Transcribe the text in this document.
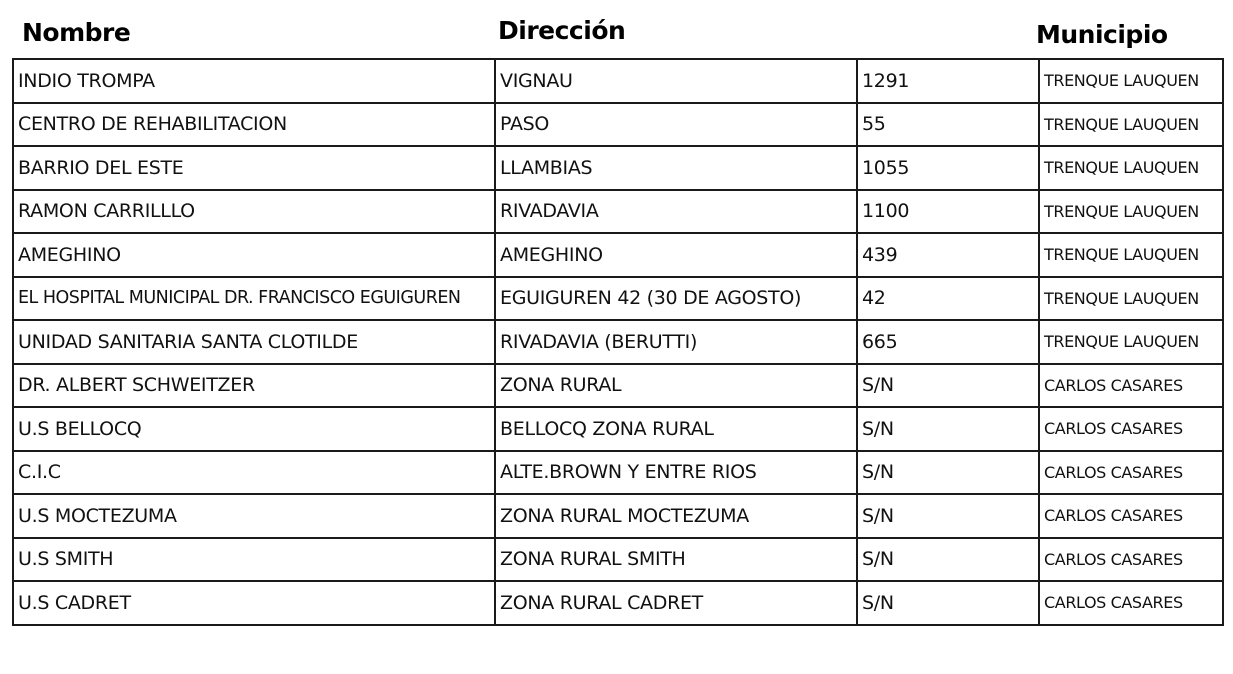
Nombre	Dirección	Municipio
INDIO TROMPA	VIGNAU	1291	TRENQUE LAUQUEN
CENTRO DE REHABILITACION	PASO	55	TRENQUE LAUQUEN
BARRIO DEL ESTE	LLAMBIAS	1055	TRENQUE LAUQUEN
RAMON CARRILLLO	RIVADAVIA	1100	TRENQUE LAUQUEN
AMEGHINO	AMEGHINO	439	TRENQUE LAUQUEN
EL HOSPITAL MUNICIPAL DR. FRANCISCO EGUIGUREN	EGUIGUREN 42 (30 DE AGOSTO)	42	TRENQUE LAUQUEN
UNIDAD SANITARIA SANTA CLOTILDE	RIVADAVIA (BERUTTI)	665	TRENQUE LAUQUEN
DR. ALBERT SCHWEITZER	ZONA RURAL	S/N	CARLOS CASARES
U.S BELLOCQ	BELLOCQ ZONA RURAL	S/N	CARLOS CASARES
C.I.C	ALTE.BROWN Y ENTRE RIOS	S/N	CARLOS CASARES
U.S MOCTEZUMA	ZONA RURAL MOCTEZUMA	S/N	CARLOS CASARES
U.S SMITH	ZONA RURAL SMITH	S/N	CARLOS CASARES
U.S CADRET	ZONA RURAL CADRET	S/N	CARLOS CASARES
